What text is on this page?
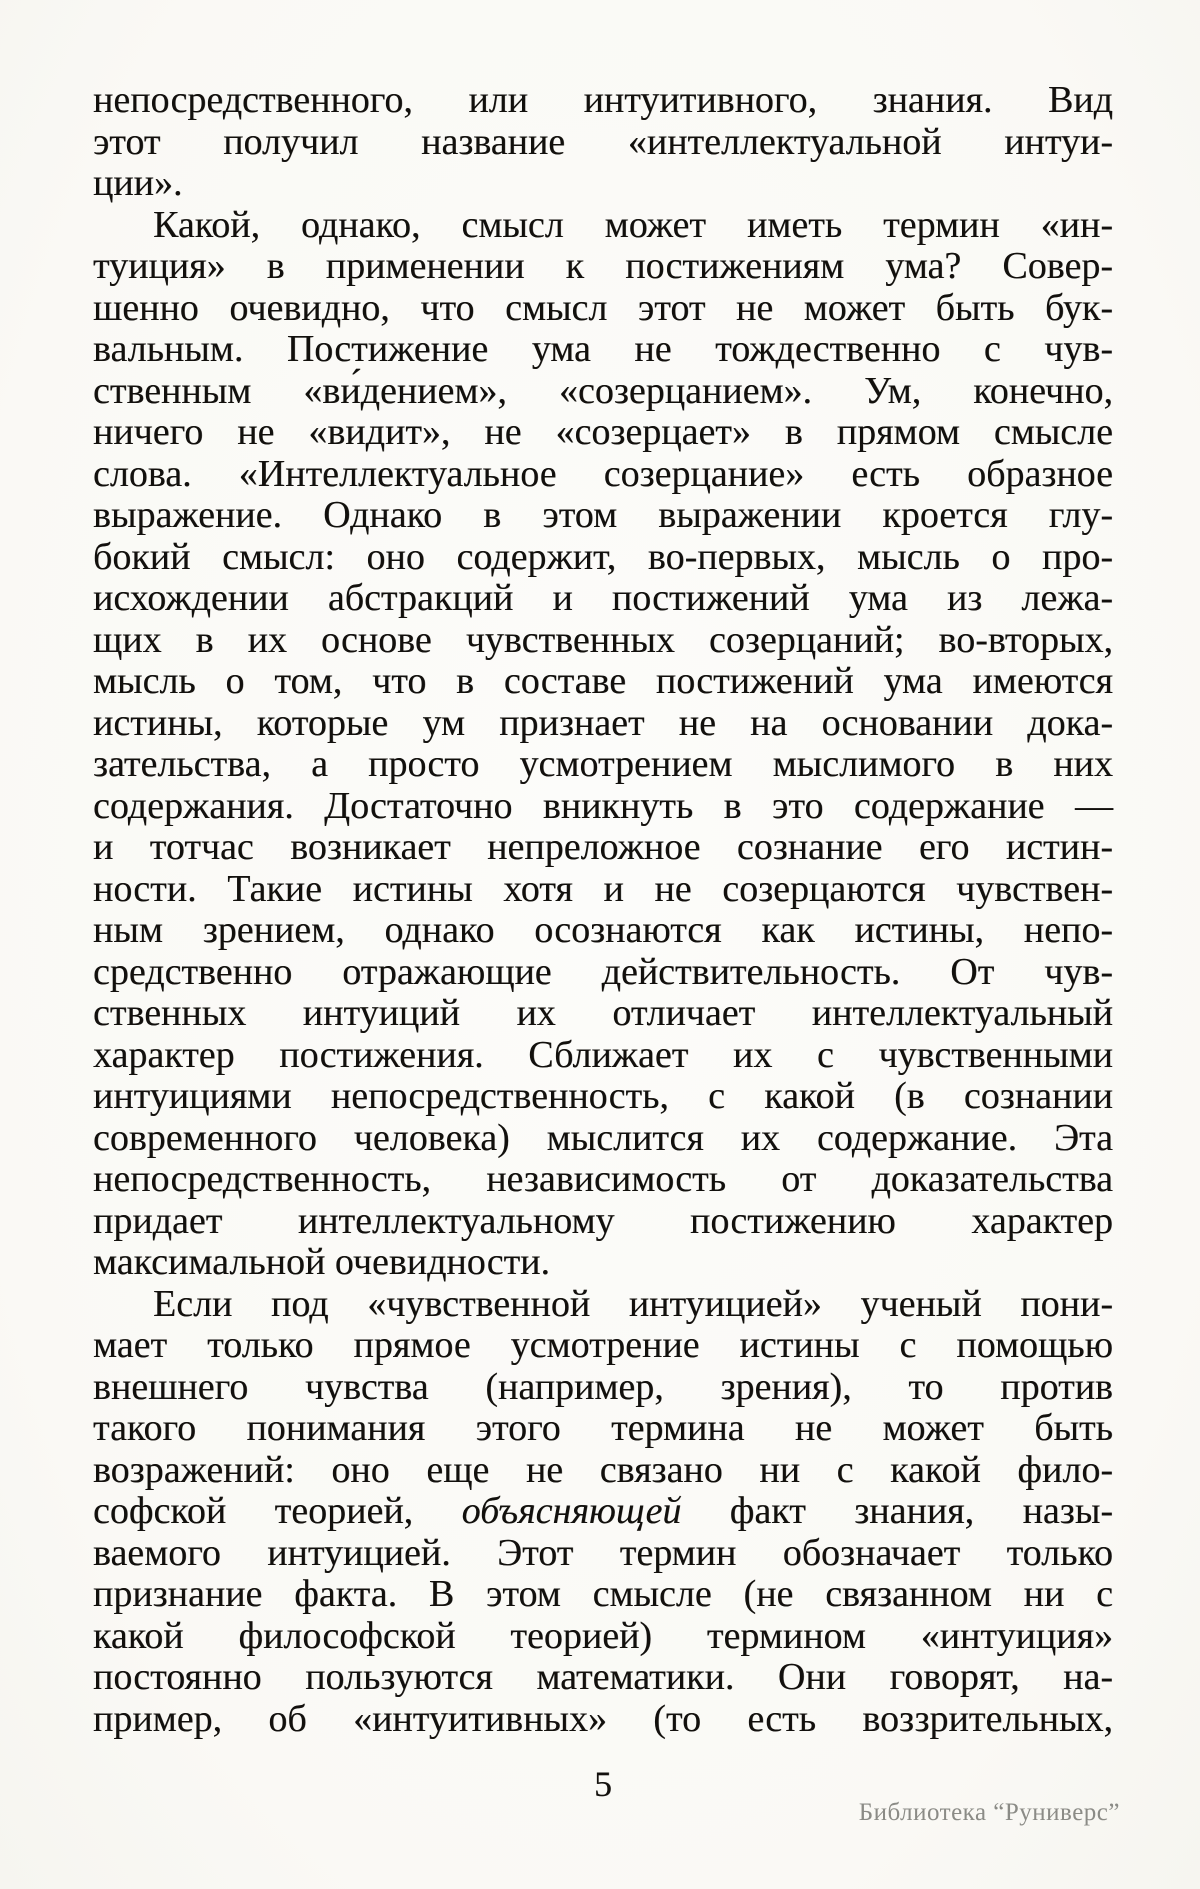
непосредственного, или интуитивного, знания. Вид
этот получил название «интеллектуальной интуи-
ции».
Какой, однако, смысл может иметь термин «ин-
туиция» в применении к постижениям ума? Совер-
шенно очевидно, что смысл этот не может быть бук-
вальным. Постижение ума не тождественно с чув-
ственным «ви́дением», «созерцанием». Ум, конечно,
ничего не «видит», не «созерцает» в прямом смысле
слова. «Интеллектуальное созерцание» есть образное
выражение. Однако в этом выражении кроется глу-
бокий смысл: оно содержит, во-первых, мысль о про-
исхождении абстракций и постижений ума из лежа-
щих в их основе чувственных созерцаний; во-вторых,
мысль о том, что в составе постижений ума имеются
истины, которые ум признает не на основании дока-
зательства, а просто усмотрением мыслимого в них
содержания. Достаточно вникнуть в это содержание —
и тотчас возникает непреложное сознание его истин-
ности. Такие истины хотя и не созерцаются чувствен-
ным зрением, однако осознаются как истины, непо-
средственно отражающие действительность. От чув-
ственных интуиций их отличает интеллектуальный
характер постижения. Сближает их с чувственными
интуициями непосредственность, с какой (в сознании
современного человека) мыслится их содержание. Эта
непосредственность, независимость от доказательства
придает интеллектуальному постижению характер
максимальной очевидности.
Если под «чувственной интуицией» ученый пони-
мает только прямое усмотрение истины с помощью
внешнего чувства (например, зрения), то против
такого понимания этого термина не может быть
возражений: оно еще не связано ни с какой фило-
софской теорией, объясняющей факт знания, назы-
ваемого интуицией. Этот термин обозначает только
признание факта. В этом смысле (не связанном ни с
какой философской теорией) термином «интуиция»
постоянно пользуются математики. Они говорят, на-
пример, об «интуитивных» (то есть воззрительных,
5
Библиотека “Руниверс”
